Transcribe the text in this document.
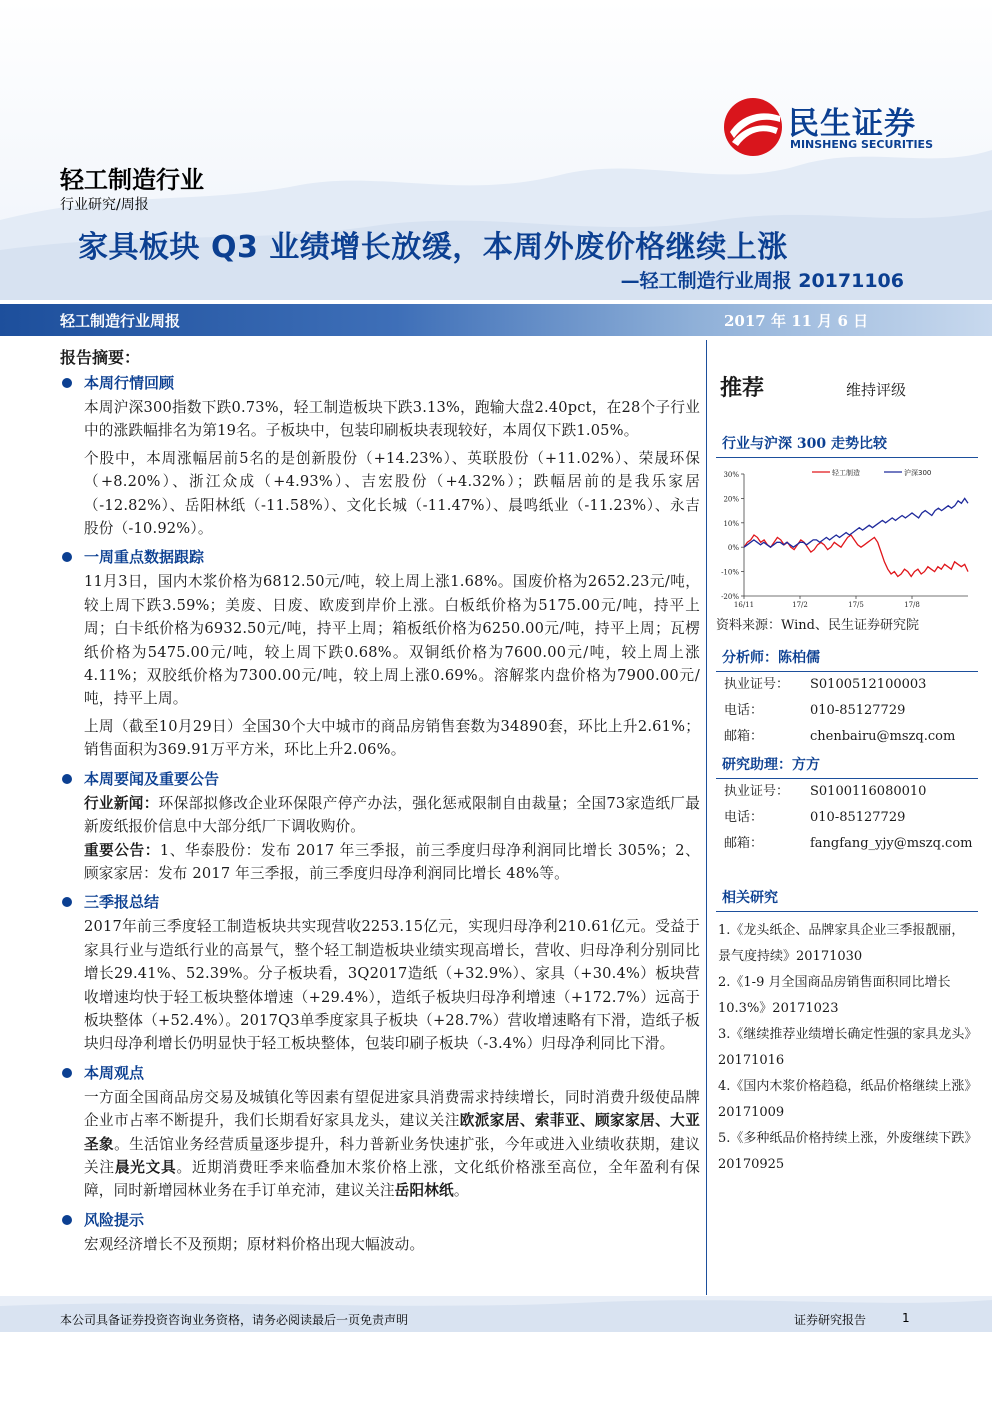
民生证券
MINSHENG SECURITIES
轻工制造行业
行业研究/周报
家具板块 Q3 业绩增长放缓，本周外废价格继续上涨
—轻工制造行业周报 20171106
轻工制造行业周报	2017 年 11 月 6 日
报告摘要：
本周行情回顾

本周沪深300指数下跌0.73%，轻工制造板块下跌3.13%，跑输大盘2.40pct，在28个子行业中的涨跌幅排名为第19名。子板块中，包装印刷板块表现较好，本周仅下跌1.05%。

个股中，本周涨幅居前5名的是创新股份（+14.23%）、英联股份（+11.02%）、荣晟环保（+8.20%）、浙江众成（+4.93%）、吉宏股份（+4.32%）；跌幅居前的是我乐家居（-12.82%）、岳阳林纸（-11.58%）、文化长城（-11.47%）、晨鸣纸业（-11.23%）、永吉股份（-10.92%）。

一周重点数据跟踪

11月3日，国内木浆价格为6812.50元/吨，较上周上涨1.68%。国废价格为2652.23元/吨，较上周下跌3.59%；美废、日废、欧废到岸价上涨。白板纸价格为5175.00元/吨，持平上周；白卡纸价格为6932.50元/吨，持平上周；箱板纸价格为6250.00元/吨，持平上周；瓦楞纸价格为5475.00元/吨，较上周下跌0.68%。双铜纸价格为7600.00元/吨，较上周上涨4.11%；双胶纸价格为7300.00元/吨，较上周上涨0.69%。溶解浆内盘价格为7900.00元/吨，持平上周。

上周（截至10月29日）全国30个大中城市的商品房销售套数为34890套，环比上升2.61%；销售面积为369.91万平方米，环比上升2.06%。

本周要闻及重要公告

行业新闻：环保部拟修改企业环保限产停产办法，强化惩戒限制自由裁量；全国73家造纸厂最新废纸报价信息中大部分纸厂下调收购价。

重要公告：1、华泰股份：发布 2017 年三季报，前三季度归母净利润同比增长 305%；2、顾家家居：发布 2017 年三季报，前三季度归母净利润同比增长 48%等。

三季报总结

2017年前三季度轻工制造板块共实现营收2253.15亿元，实现归母净利210.61亿元。受益于家具行业与造纸行业的高景气，整个轻工制造板块业绩实现高增长，营收、归母净利分别同比增长29.41%、52.39%。分子板块看，3Q2017造纸（+32.9%）、家具（+30.4%）板块营收增速均快于轻工板块整体增速（+29.4%），造纸子板块归母净利增速（+172.7%）远高于板块整体（+52.4%）。2017Q3单季度家具子板块（+28.7%）营收增速略有下滑，造纸子板块归母净利增长仍明显快于轻工板块整体，包装印刷子板块（-3.4%）归母净利同比下滑。

本周观点

一方面全国商品房交易及城镇化等因素有望促进家具消费需求持续增长，同时消费升级使品牌企业市占率不断提升，我们长期看好家具龙头，建议关注欧派家居、索菲亚、顾家家居、大亚圣象。生活馆业务经营质量逐步提升，科力普新业务快速扩张，今年或进入业绩收获期，建议关注晨光文具。近期消费旺季来临叠加木浆价格上涨，文化纸价格涨至高位，全年盈利有保障，同时新增园林业务在手订单充沛，建议关注岳阳林纸。

风险提示

宏观经济增长不及预期；原材料价格出现大幅波动。

推荐	维持评级
行业与沪深 300 走势比较
30%
20%
10%
0%
-10%
-20%
16/11	17/2	17/5	17/8
轻工制造	沪深300
资料来源：Wind、民生证券研究院
分析师：陈柏儒
执业证号：	S0100512100003
电话：	010-85127729
邮箱：	chenbairu@mszq.com
研究助理：方方
执业证号：	S0100116080010
电话：	010-85127729
邮箱：	fangfang_yjy@mszq.com
相关研究
1.《龙头纸企、品牌家具企业三季报靓丽，景气度持续》20171030
2.《1-9 月全国商品房销售面积同比增长 10.3%》20171023
3.《继续推荐业绩增长确定性强的家具龙头》20171016
4.《国内木浆价格趋稳，纸品价格继续上涨》20171009
5.《多种纸品价格持续上涨，外废继续下跌》20170925
本公司具备证券投资咨询业务资格，请务必阅读最后一页免责声明	证券研究报告	1
